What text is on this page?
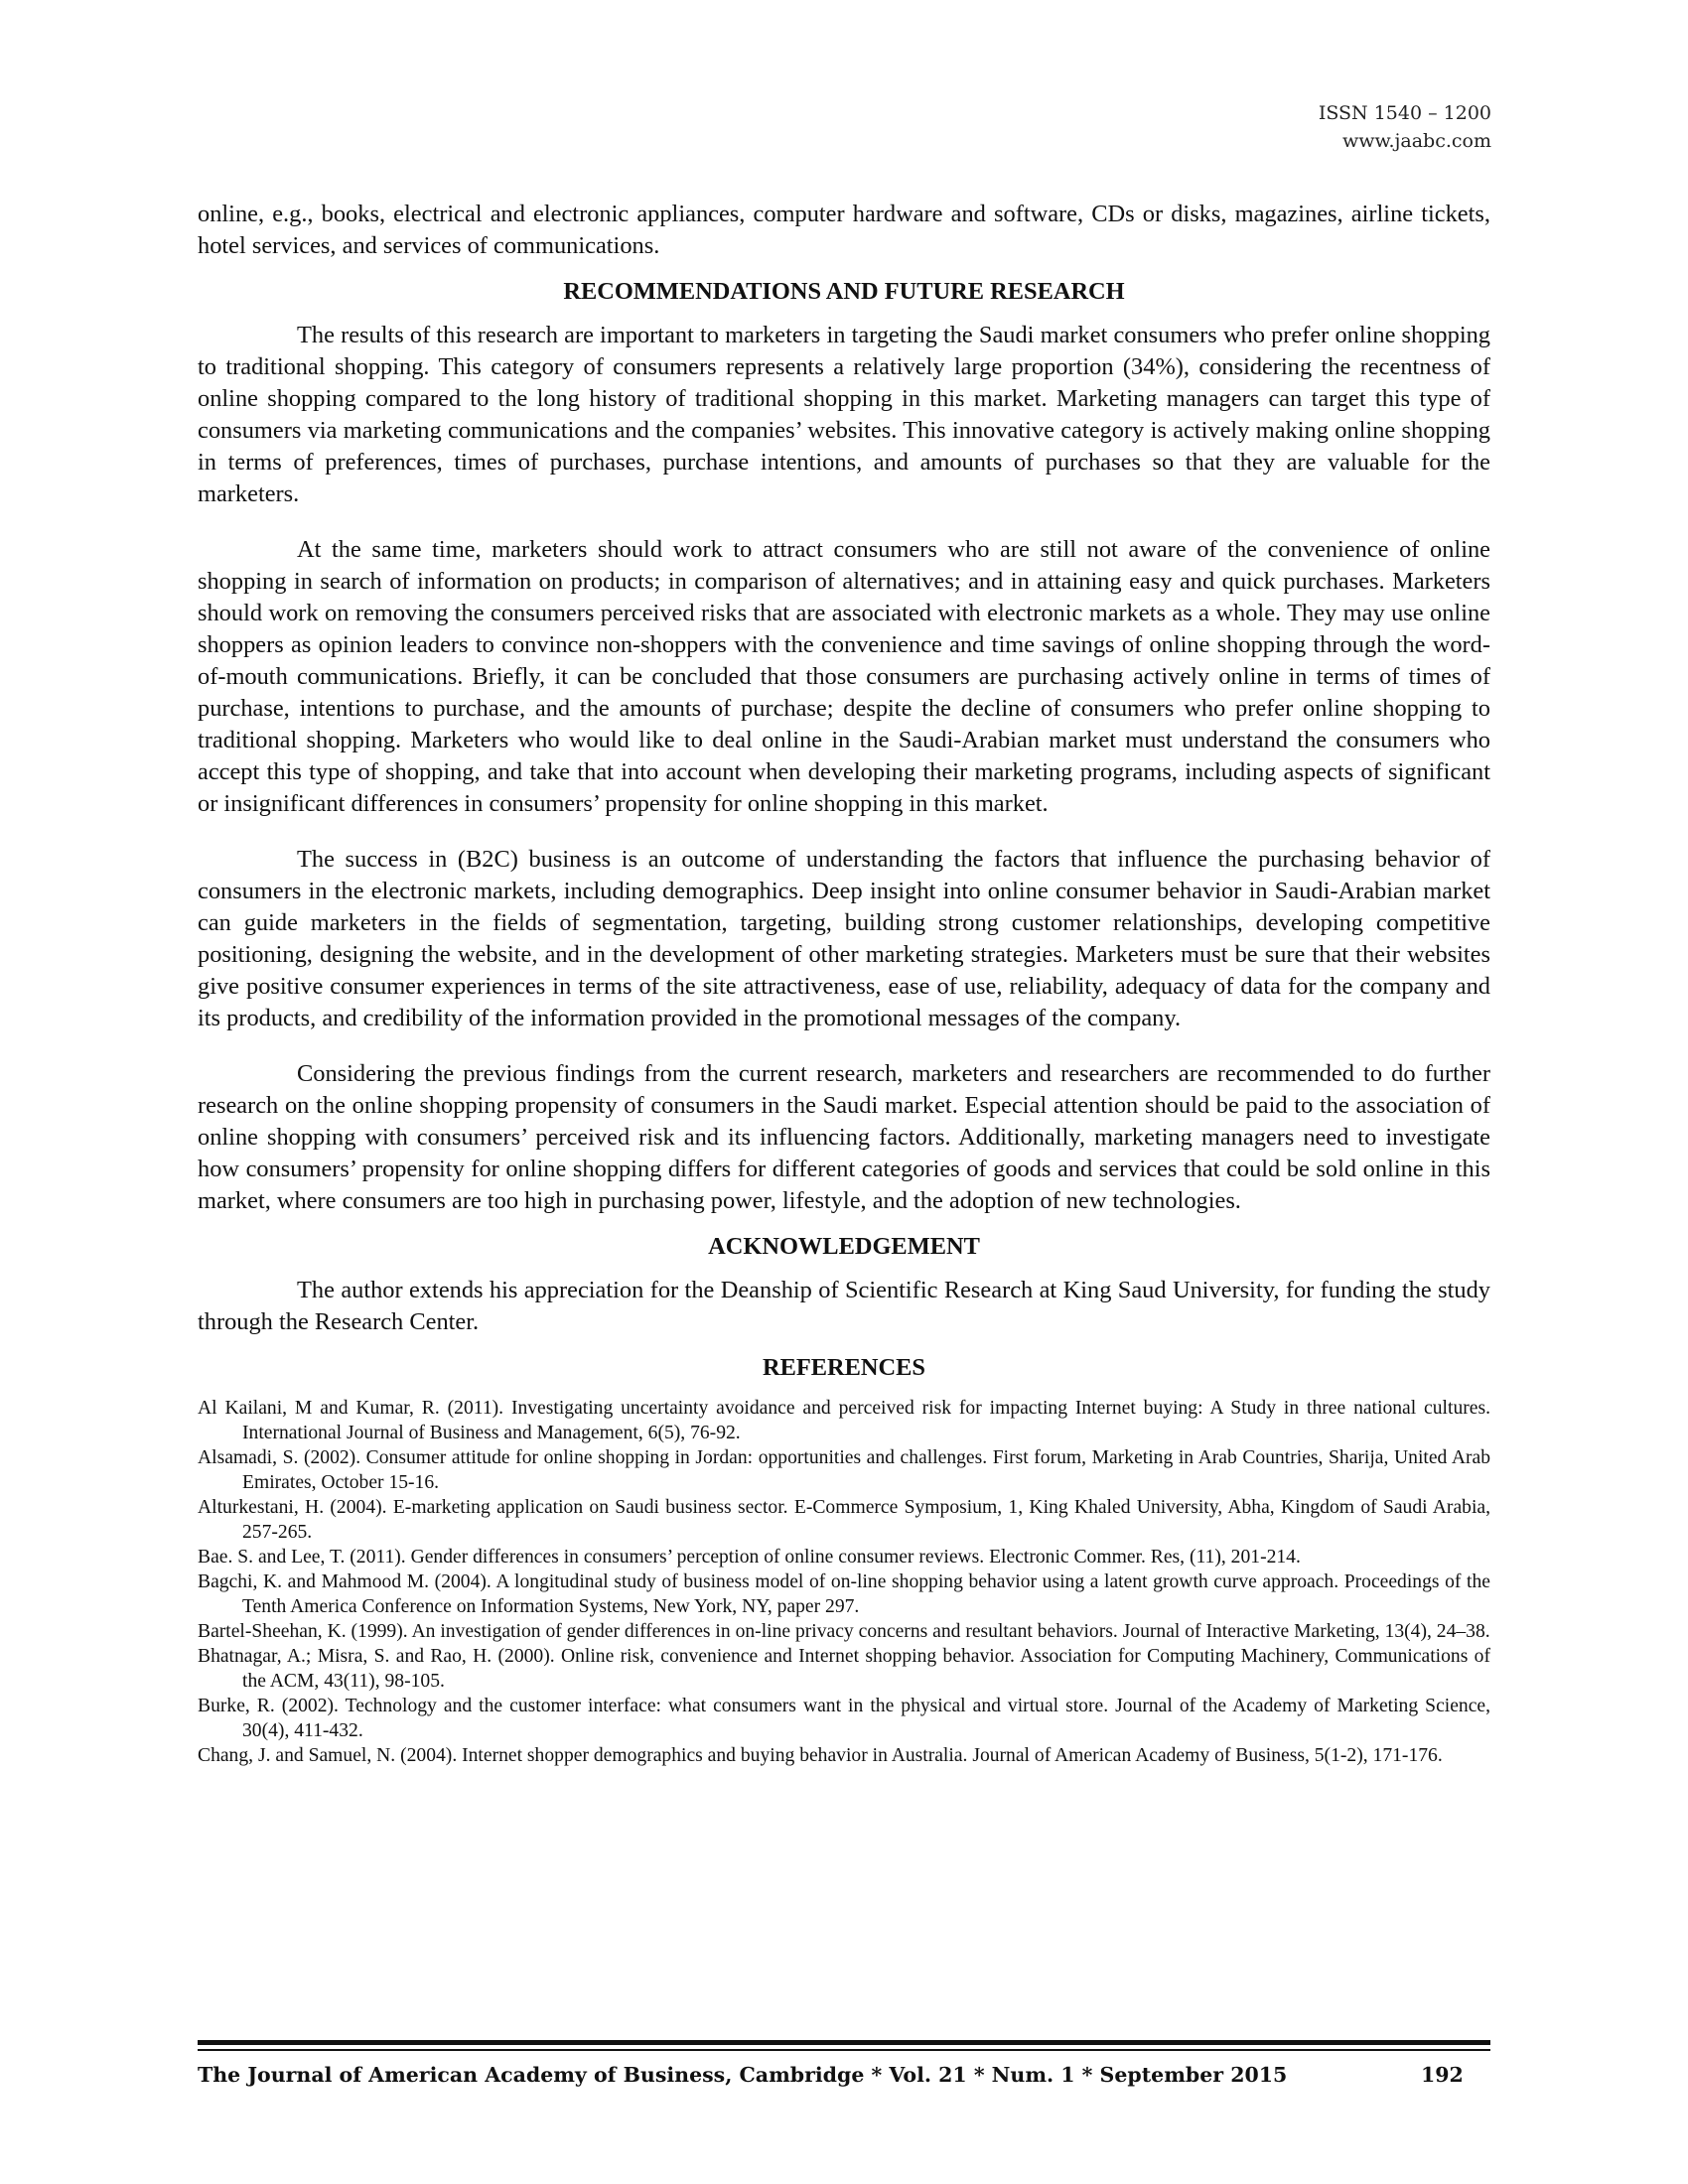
ISSN 1540 – 1200
www.jaabc.com

online, e.g., books, electrical and electronic appliances, computer hardware and software, CDs or disks, magazines, airline tickets, hotel services, and services of communications.

RECOMMENDATIONS AND FUTURE RESEARCH

The results of this research are important to marketers in targeting the Saudi market consumers who prefer online shopping to traditional shopping. This category of consumers represents a relatively large proportion (34%), considering the recentness of online shopping compared to the long history of traditional shopping in this market. Marketing managers can target this type of consumers via marketing communications and the companies’ websites. This innovative category is actively making online shopping in terms of preferences, times of purchases, purchase intentions, and amounts of purchases so that they are valuable for the marketers.

At the same time, marketers should work to attract consumers who are still not aware of the convenience of online shopping in search of information on products; in comparison of alternatives; and in attaining easy and quick purchases. Marketers should work on removing the consumers perceived risks that are associated with electronic markets as a whole. They may use online shoppers as opinion leaders to convince non-shoppers with the convenience and time savings of online shopping through the word-of-mouth communications. Briefly, it can be concluded that those consumers are purchasing actively online in terms of times of purchase, intentions to purchase, and the amounts of purchase; despite the decline of consumers who prefer online shopping to traditional shopping. Marketers who would like to deal online in the Saudi-Arabian market must understand the consumers who accept this type of shopping, and take that into account when developing their marketing programs, including aspects of significant or insignificant differences in consumers’ propensity for online shopping in this market.

The success in (B2C) business is an outcome of understanding the factors that influence the purchasing behavior of consumers in the electronic markets, including demographics. Deep insight into online consumer behavior in Saudi-Arabian market can guide marketers in the fields of segmentation, targeting, building strong customer relationships, developing competitive positioning, designing the website, and in the development of other marketing strategies. Marketers must be sure that their websites give positive consumer experiences in terms of the site attractiveness, ease of use, reliability, adequacy of data for the company and its products, and credibility of the information provided in the promotional messages of the company.

Considering the previous findings from the current research, marketers and researchers are recommended to do further research on the online shopping propensity of consumers in the Saudi market. Especial attention should be paid to the association of online shopping with consumers’ perceived risk and its influencing factors. Additionally, marketing managers need to investigate how consumers’ propensity for online shopping differs for different categories of goods and services that could be sold online in this market, where consumers are too high in purchasing power, lifestyle, and the adoption of new technologies.

ACKNOWLEDGEMENT

The author extends his appreciation for the Deanship of Scientific Research at King Saud University, for funding the study through the Research Center.

REFERENCES

Al Kailani, M and Kumar, R. (2011). Investigating uncertainty avoidance and perceived risk for impacting Internet buying: A Study in three national cultures. International Journal of Business and Management, 6(5), 76-92.

Alsamadi, S. (2002). Consumer attitude for online shopping in Jordan: opportunities and challenges. First forum, Marketing in Arab Countries, Sharija, United Arab Emirates, October 15-16.

Alturkestani, H. (2004). E-marketing application on Saudi business sector. E-Commerce Symposium, 1, King Khaled University, Abha, Kingdom of Saudi Arabia, 257-265.

Bae. S. and Lee, T. (2011). Gender differences in consumers’ perception of online consumer reviews. Electronic Commer. Res, (11), 201-214.

Bagchi, K. and Mahmood M. (2004). A longitudinal study of business model of on-line shopping behavior using a latent growth curve approach. Proceedings of the Tenth America Conference on Information Systems, New York, NY, paper 297.

Bartel-Sheehan, K. (1999). An investigation of gender differences in on-line privacy concerns and resultant behaviors. Journal of Interactive Marketing, 13(4), 24–38.

Bhatnagar, A.; Misra, S. and Rao, H. (2000). Online risk, convenience and Internet shopping behavior. Association for Computing Machinery, Communications of the ACM, 43(11), 98-105.

Burke, R. (2002). Technology and the customer interface: what consumers want in the physical and virtual store. Journal of the Academy of Marketing Science, 30(4), 411-432.

Chang, J. and Samuel, N. (2004). Internet shopper demographics and buying behavior in Australia. Journal of American Academy of Business, 5(1-2), 171-176.

The Journal of American Academy of Business, Cambridge * Vol. 21 * Num. 1 * September 2015	192
